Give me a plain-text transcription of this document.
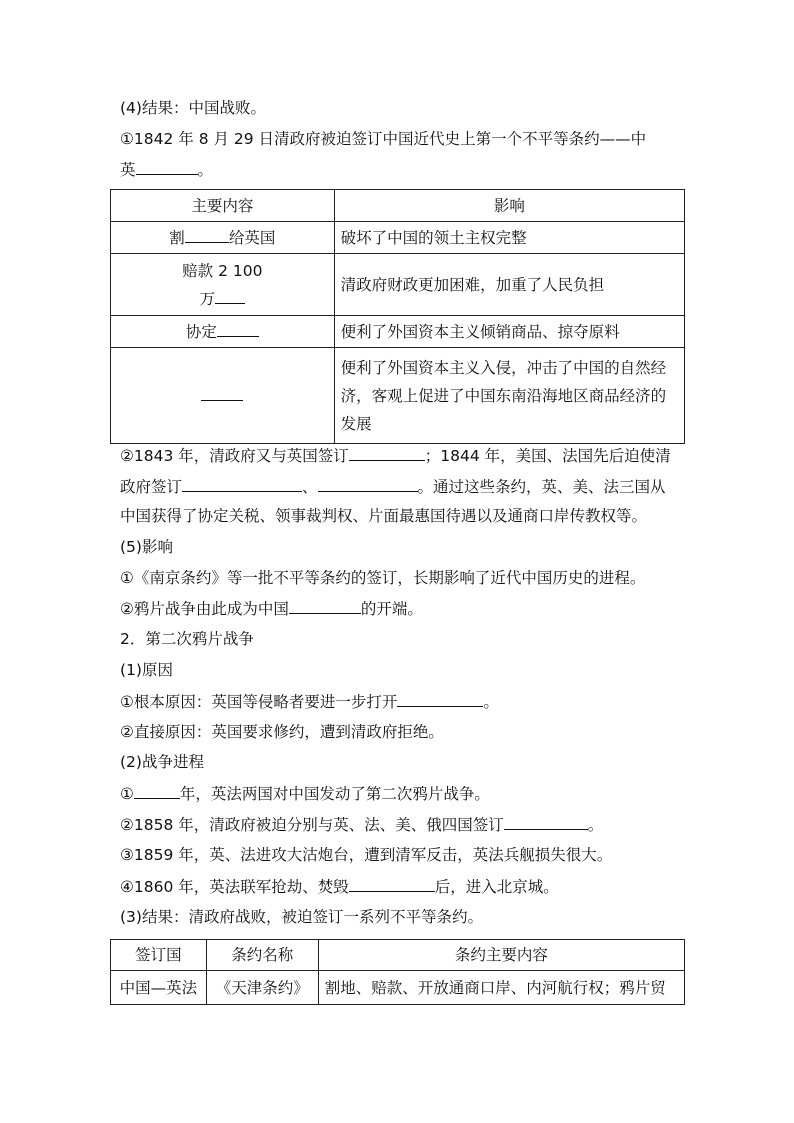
(4)结果：中国战败。
①1842 年 8 月 29 日清政府被迫签订中国近代史上第一个不平等条约——中
英	。
主要内容	影响
割 给英国	破坏了中国的领土主权完整

赔款 2 100
万	清政府财政更加困难，加重了人民负担
协定	便利了外国资本主义倾销商品、掠夺原料

	便利了外国资本主义入侵，冲击了中国的自然经
济，客观上促进了中国东南沿海地区商品经济的
发展
②1843 年，清政府又与英国签订	；1844 年，美国、法国先后迫使清
政府签订	、	。通过这些条约，英、美、法三国从
中国获得了协定关税、领事裁判权、片面最惠国待遇以及通商口岸传教权等。
(5)影响
①《南京条约》等一批不平等条约的签订，长期影响了近代中国历史的进程。
②鸦片战争由此成为中国	的开端。
2．第二次鸦片战争
(1)原因
①根本原因：英国等侵略者要进一步打开	。
②直接原因：英国要求修约，遭到清政府拒绝。
(2)战争进程
①	年，英法两国对中国发动了第二次鸦片战争。
②1858 年，清政府被迫分别与英、法、美、俄四国签订	。
③1859 年，英、法进攻大沽炮台，遭到清军反击，英法兵舰损失很大。
④1860 年，英法联军抢劫、焚毁	后，进入北京城。
(3)结果：清政府战败，被迫签订一系列不平等条约。
签订国	条约名称	条约主要内容
中国—英法	《天津条约》	割地、赔款、开放通商口岸、内河航行权；鸦片贸
